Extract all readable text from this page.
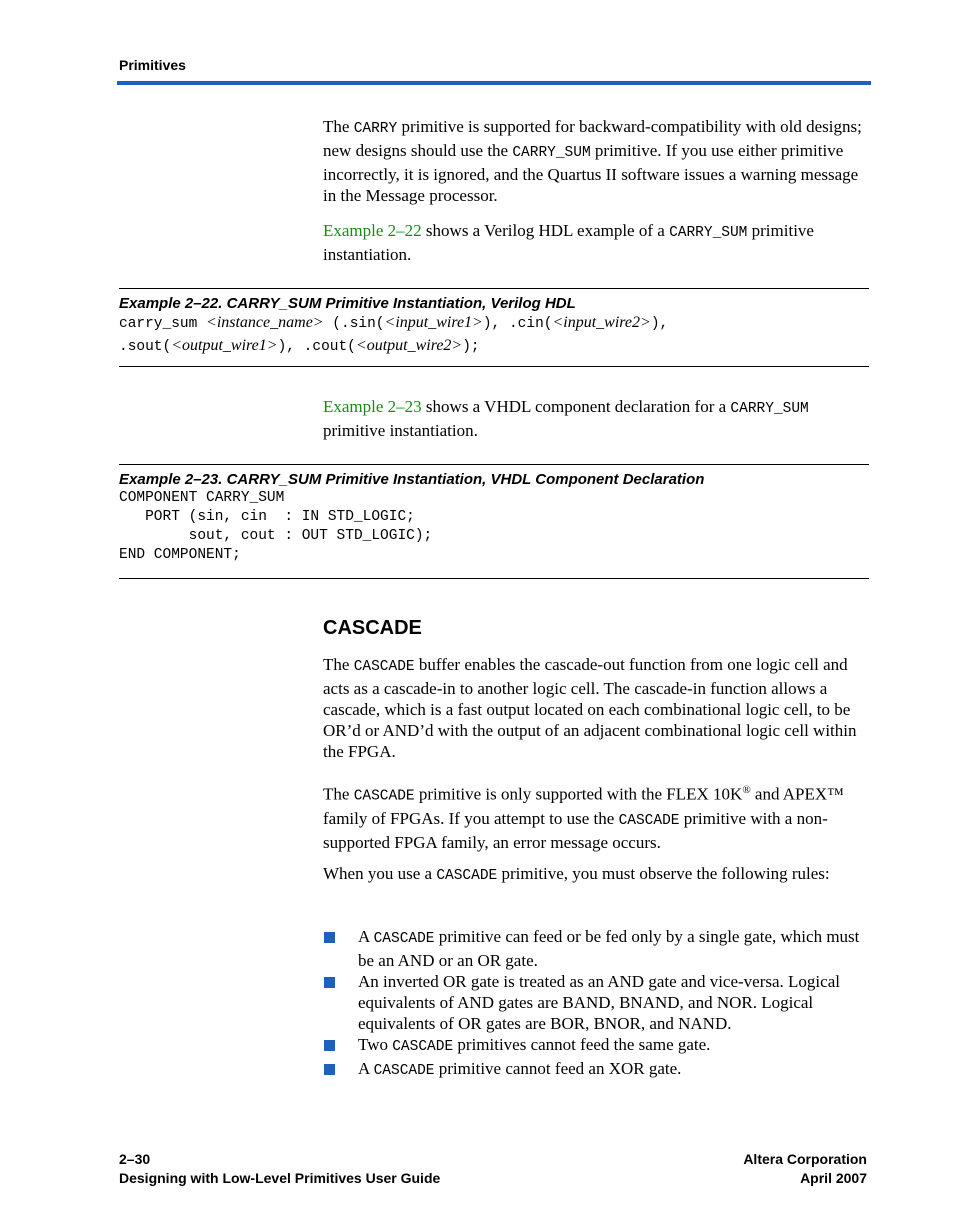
Primitives
The CARRY primitive is supported for backward-compatibility with old designs; new designs should use the CARRY_SUM primitive. If you use either primitive incorrectly, it is ignored, and the Quartus II software issues a warning message in the Message processor.
Example 2–22 shows a Verilog HDL example of a CARRY_SUM primitive instantiation.
Example 2–22. CARRY_SUM Primitive Instantiation, Verilog HDL
carry_sum <instance_name> (.sin(<input_wire1>), .cin(<input_wire2>),
.sout(<output_wire1>), .cout(<output_wire2>);
Example 2–23 shows a VHDL component declaration for a CARRY_SUM primitive instantiation.
Example 2–23. CARRY_SUM Primitive Instantiation, VHDL Component Declaration
COMPONENT CARRY_SUM
PORT (sin, cin  : IN STD_LOGIC;
sout, cout : OUT STD_LOGIC);
END COMPONENT;
CASCADE
The CASCADE buffer enables the cascade-out function from one logic cell and acts as a cascade-in to another logic cell. The cascade-in function allows a cascade, which is a fast output located on each combinational logic cell, to be OR’d or AND’d with the output of an adjacent combinational logic cell within the FPGA.
The CASCADE primitive is only supported with the FLEX 10K® and APEX™ family of FPGAs. If you attempt to use the CASCADE primitive with a non-supported FPGA family, an error message occurs.
When you use a CASCADE primitive, you must observe the following rules:
A CASCADE primitive can feed or be fed only by a single gate, which must be an AND or an OR gate.
An inverted OR gate is treated as an AND gate and vice-versa. Logical equivalents of AND gates are BAND, BNAND, and NOR. Logical equivalents of OR gates are BOR, BNOR, and NAND.
Two CASCADE primitives cannot feed the same gate.
A CASCADE primitive cannot feed an XOR gate.
2–30
Designing with Low-Level Primitives User Guide
Altera Corporation
April 2007
